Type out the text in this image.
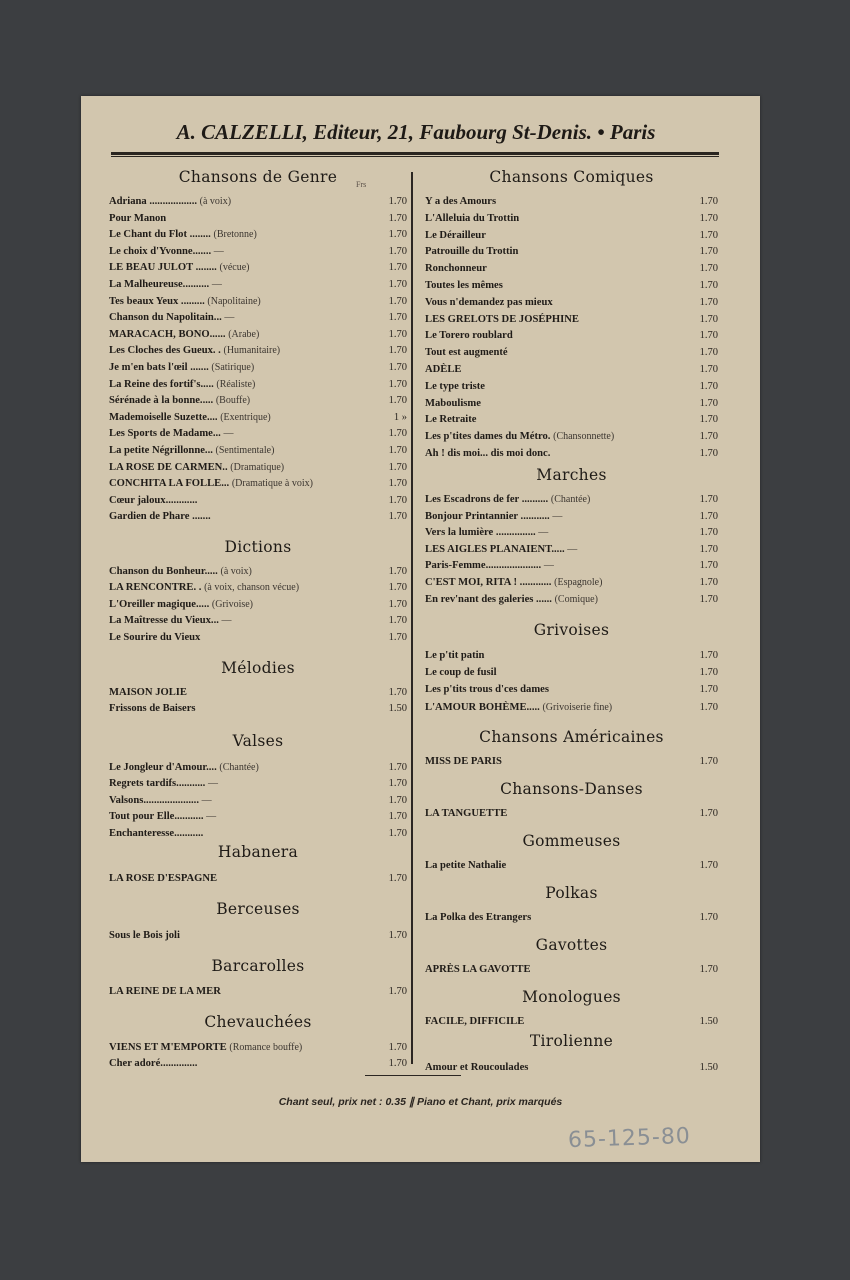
A. CALZELLI, Editeur, 21, Faubourg St-Denis. • Paris
Frs
Chansons de Genre
Adriana .................. (à voix)	1.70
Pour Manon	1.70
Le Chant du Flot ........ (Bretonne)	1.70
Le choix d'Yvonne....... —	1.70
LE BEAU JULOT ........ (vécue)	1.70
La Malheureuse.......... —	1.70
Tes beaux Yeux ......... (Napolitaine)	1.70
Chanson du Napolitain... —	1.70
MARACACH, BONO...... (Arabe)	1.70
Les Cloches des Gueux. . (Humanitaire)	1.70
Je m'en bats l'œil ....... (Satirique)	1.70
La Reine des fortif's..... (Réaliste)	1.70
Sérénade à la bonne..... (Bouffe)	1.70
Mademoiselle Suzette.... (Exentrique)	1 »
Les Sports de Madame... —	1.70
La petite Négrillonne... (Sentimentale)	1.70
LA ROSE DE CARMEN.. (Dramatique)	1.70
CONCHITA LA FOLLE... (Dramatique à voix)	1.70
Cœur jaloux............	1.70
Gardien de Phare .......	1.70
Dictions
Chanson du Bonheur..... (à voix)	1.70
LA RENCONTRE. . (à voix, chanson vécue)	1.70
L'Oreiller magique..... (Grivoise)	1.70
La Maîtresse du Vieux... —	1.70
Le Sourire du Vieux	1.70
Mélodies
MAISON JOLIE	1.70
Frissons de Baisers	1.50
Valses
Le Jongleur d'Amour.... (Chantée)	1.70
Regrets tardifs........... —	1.70
Valsons..................... —	1.70
Tout pour Elle........... —	1.70
Enchanteresse...........	1.70
Habanera
LA ROSE D'ESPAGNE	1.70
Berceuses
Sous le Bois joli	1.70
Barcarolles
LA REINE DE LA MER	1.70
Chevauchées
VIENS ET M'EMPORTE (Romance bouffe)	1.70
Cher adoré..............	1.70
Chansons Comiques
Y a des Amours	1.70
L'Alleluia du Trottin	1.70
Le Dérailleur	1.70
Patrouille du Trottin	1.70
Ronchonneur	1.70
Toutes les mêmes	1.70
Vous n'demandez pas mieux	1.70
LES GRELOTS DE JOSÉPHINE	1.70
Le Torero roublard	1.70
Tout est augmenté	1.70
ADÈLE	1.70
Le type triste	1.70
Maboulisme	1.70
Le Retraite	1.70
Les p'tites dames du Métro. (Chansonnette)	1.70
Ah ! dis moi... dis moi donc.	1.70
Marches
Les Escadrons de fer .......... (Chantée)	1.70
Bonjour Printannier ........... —	1.70
Vers la lumière ............... —	1.70
LES AIGLES PLANAIENT..... —	1.70
Paris-Femme..................... —	1.70
C'EST MOI, RITA ! ............ (Espagnole)	1.70
En rev'nant des galeries ...... (Comique)	1.70
Grivoises
Le p'tit patin	1.70
Le coup de fusil	1.70
Les p'tits trous d'ces dames	1.70
L'AMOUR BOHÈME..... (Grivoiserie fine)	1.70
Chansons Américaines
MISS DE PARIS	1.70
Chansons-Danses
LA TANGUETTE	1.70
Gommeuses
La petite Nathalie	1.70
Polkas
La Polka des Etrangers	1.70
Gavottes
APRÈS LA GAVOTTE	1.70
Monologues
FACILE, DIFFICILE	1.50
Tirolienne
Amour et Roucoulades	1.50
Chant seul, prix net : 0.35 ∥ Piano et Chant, prix marqués
65-125-80
